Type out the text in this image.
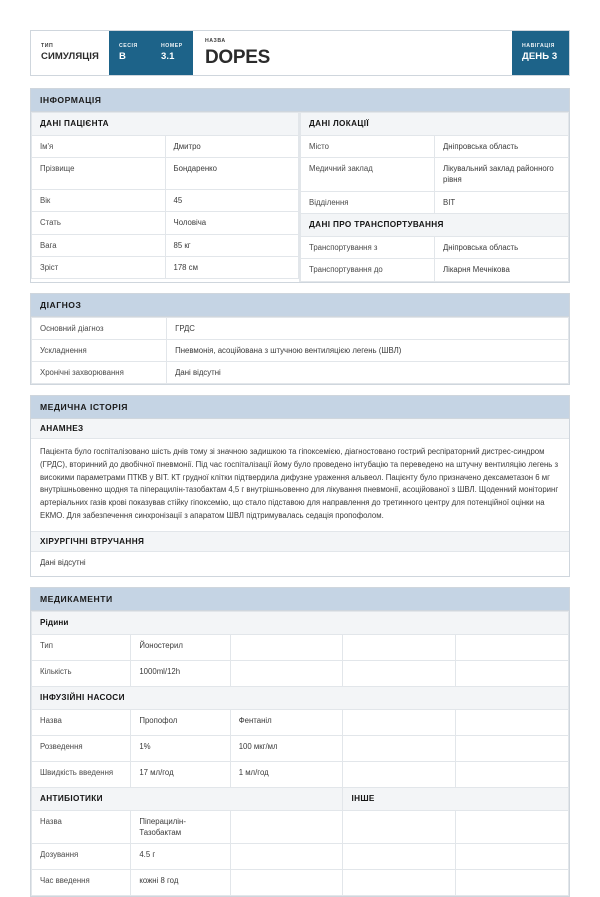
ТИП
СИМУЛЯЦІЯ
СЕСІЯ
B
НОМЕР
3.1
НАЗВА
DOPES
НАВІГАЦІЯ
ДЕНЬ 3
ІНФОРМАЦІЯ
ДАНІ ПАЦІЄНТА	
Ім'я	Дмитро
Прізвище	Бондаренко
Вік	45
Стать	Чоловіча
Вага	85 кг
Зріст	178 см
ДАНІ ЛОКАЦІЇ	
Місто	Дніпровська область
Медичний заклад	Лікувальний заклад районного рівня
Відділення	ВІТ
ДАНІ ПРО ТРАНСПОРТУВАННЯ	
Транспортування з	Дніпровська область
Транспортування до	Лікарня Мечнікова
ДІАГНОЗ
Основний діагноз	ГРДС
Ускладнення	Пневмонія, асоційована з штучною вентиляцією легень (ШВЛ)
Хронічні захворювання	Дані відсутні
МЕДИЧНА ІСТОРІЯ
АНАМНЕЗ
Пацієнта було госпіталізовано шість днів тому зі значною задишкою та гіпоксемією, діагностовано гострий респіраторний дистрес-синдром (ГРДС), вторинний до двобічної пневмонії. Під час госпіталізації йому було проведено інтубацію та переведено на штучну вентиляцію легень з високими параметрами ПТКВ у ВІТ. КТ грудної клітки підтвердила дифузне ураження альвеол. Пацієнту було призначено дексаметазон 6 мг внутрішньовенно щодня та піперацилін-тазобактам 4,5 г внутрішньовенно для лікування пневмонії, асоційованої з ШВЛ. Щоденний моніторинг артеріальних газів крові показував стійку гіпоксемію, що стало підставою для направлення до третинного центру для потенційної оцінки на ЕКМО. Для забезпечення синхронізації з апаратом ШВЛ підтримувалась седація пропофолом.
ХІРУРГІЧНІ ВТРУЧАННЯ
Дані відсутні
МЕДИКАМЕНТИ
Рідини				
Тип	Йоностерил			
Кількість	1000ml/12h			
ІНФУЗІЙНІ НАСОСИ				
Назва	Пропофол	Фентаніл		
Розведення	1%	100 мкг/мл		
Швидкість введення	17 мл/год	1 мл/год		
АНТИБІОТИКИ			ІНШЕ	
Назва	Піперацилін-Тазобактам			
Дозування	4.5 г			
Час введення	кожні 8 год			
